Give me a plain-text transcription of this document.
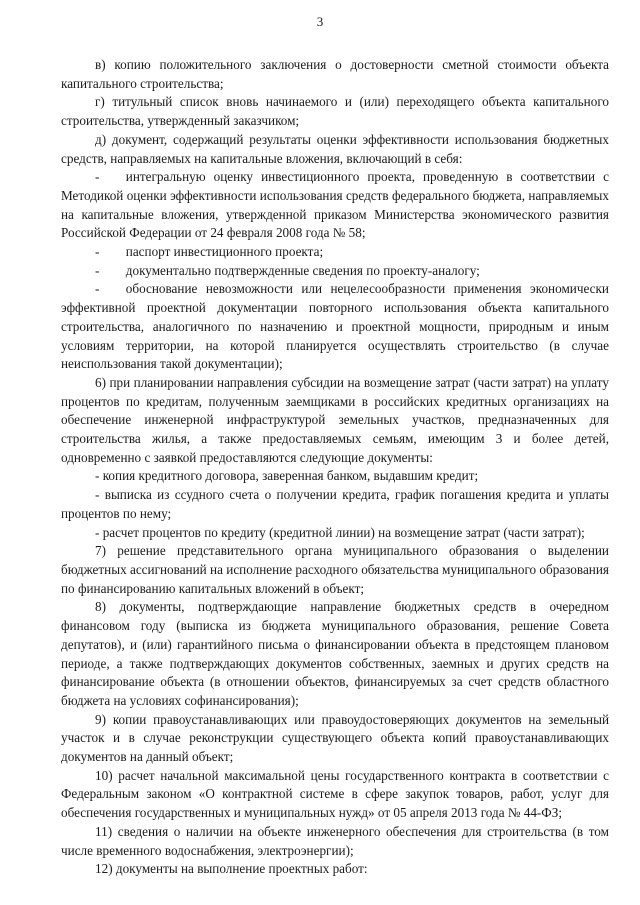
3

в) копию положительного заключения о достоверности сметной стоимости объекта капитального строительства;

г) титульный список вновь начинаемого и (или) переходящего объекта капитального строительства, утвержденный заказчиком;

д) документ, содержащий результаты оценки эффективности использования бюджетных средств, направляемых на капитальные вложения, включающий в себя:

-  интегральную оценку инвестиционного проекта, проведенную в соответствии с Методикой оценки эффективности использования средств федерального бюджета, направляемых на капитальные вложения, утвержденной приказом Министерства экономического развития Российской Федерации от 24 февраля 2008 года № 58;

-  паспорт инвестиционного проекта;

-  документально подтвержденные сведения по проекту-аналогу;

-  обоснование невозможности или нецелесообразности применения экономически эффективной проектной документации повторного использования объекта капитального строительства, аналогичного по назначению и проектной мощности, природным и иным условиям территории, на которой планируется осуществлять строительство (в случае неиспользования такой документации);

6) при планировании направления субсидии на возмещение затрат (части затрат) на уплату процентов по кредитам, полученным заемщиками в российских кредитных организациях на обеспечение инженерной инфраструктурой земельных участков, предназначенных для строительства жилья, а также предоставляемых семьям, имеющим 3 и более детей, одновременно с заявкой предоставляются следующие документы:

- копия кредитного договора, заверенная банком, выдавшим кредит;

- выписка из ссудного счета о получении кредита, график погашения кредита и уплаты процентов по нему;

- расчет процентов по кредиту (кредитной линии) на возмещение затрат (части затрат);

7) решение представительного органа муниципального образования о выделении бюджетных ассигнований на исполнение расходного обязательства муниципального образования по финансированию капитальных вложений в объект;

8) документы, подтверждающие направление бюджетных средств в очередном финансовом году (выписка из бюджета муниципального образования, решение Совета депутатов), и (или) гарантийного письма о финансировании объекта в предстоящем плановом периоде, а также подтверждающих документов собственных, заемных и других средств на финансирование объекта (в отношении объектов, финансируемых за счет средств областного бюджета на условиях софинансирования);

9) копии правоустанавливающих или правоудостоверяющих документов на земельный участок и в случае реконструкции существующего объекта копий правоустанавливающих документов на данный объект;

10) расчет начальной максимальной цены государственного контракта в соответствии с Федеральным законом «О контрактной системе в сфере закупок товаров, работ, услуг для обеспечения государственных и муниципальных нужд» от 05 апреля 2013 года № 44-ФЗ;

11) сведения о наличии на объекте инженерного обеспечения для строительства (в том числе временного водоснабжения, электроэнергии);

12) документы на выполнение проектных работ:
